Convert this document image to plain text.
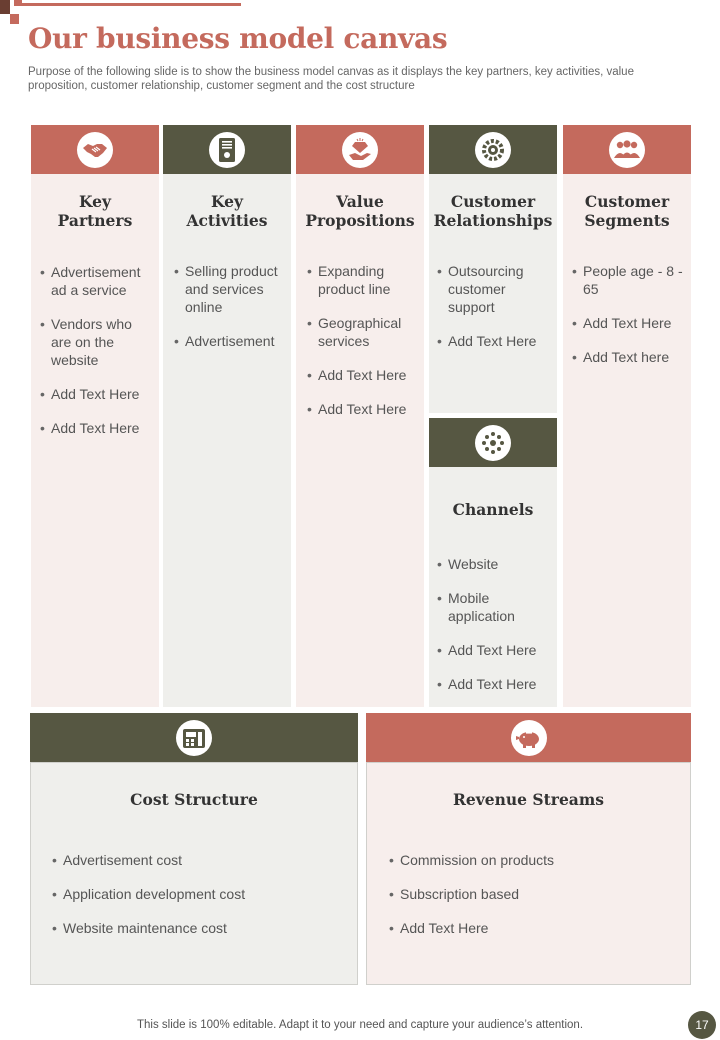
Our business model canvas
Purpose of the following slide is to show the business model canvas as it displays the key partners, key activities, value proposition, customer relationship, customer segment and the cost structure
Key
Partners
• Advertisement ad a service
• Vendors who are on the website
• Add Text Here
• Add Text Here
Key
Activities
• Selling product and services online
• Advertisement
Value
Propositions
• Expanding product line
• Geographical services
• Add Text Here
• Add Text Here
Customer
Relationships
• Outsourcing customer support
• Add Text Here
Channels
• Website
• Mobile application
• Add Text Here
• Add Text Here
Customer
Segments
• People age - 8 - 65
• Add Text Here
• Add Text here
Cost Structure
• Advertisement cost
• Application development cost
• Website maintenance cost
Revenue Streams
• Commission on products
• Subscription based
• Add Text Here
This slide is 100% editable. Adapt it to your need and capture your audience’s attention.	17
